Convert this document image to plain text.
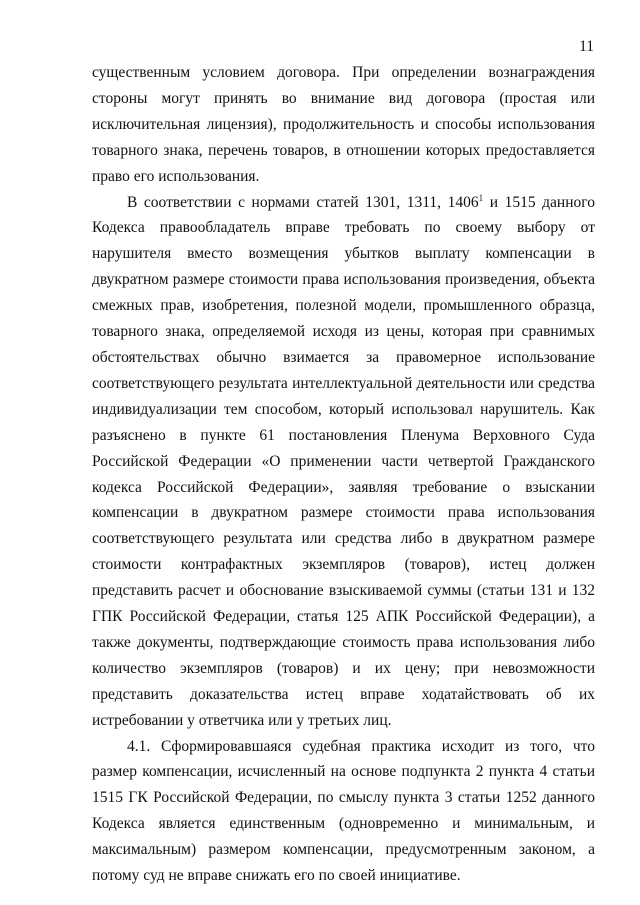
11

существенным условием договора. При определении вознаграждения стороны могут принять во внимание вид договора (простая или исключительная лицензия), продолжительность и способы использования товарного знака, перечень товаров, в отношении которых предоставляется право его использования.

В соответствии с нормами статей 1301, 1311, 1406$^1$ и 1515 данного Кодекса правообладатель вправе требовать по своему выбору от нарушителя вместо возмещения убытков выплату компенсации в двукратном размере стоимости права использования произведения, объекта смежных прав, изобретения, полезной модели, промышленного образца, товарного знака, определяемой исходя из цены, которая при сравнимых обстоятельствах обычно взимается за правомерное использование соответствующего результата интеллектуальной деятельности или средства индивидуализации тем способом, который использовал нарушитель. Как разъяснено в пункте 61 постановления Пленума Верховного Суда Российской Федерации «О применении части четвертой Гражданского кодекса Российской Федерации», заявляя требование о взыскании компенсации в двукратном размере стоимости права использования соответствующего результата или средства либо в двукратном размере стоимости контрафактных экземпляров (товаров), истец должен представить расчет и обоснование взыскиваемой суммы (статьи 131 и 132 ГПК Российской Федерации, статья 125 АПК Российской Федерации), а также документы, подтверждающие стоимость права использования либо количество экземпляров (товаров) и их цену; при невозможности представить доказательства истец вправе ходатайствовать об их истребовании у ответчика или у третьих лиц.

4.1. Сформировавшаяся судебная практика исходит из того, что размер компенсации, исчисленный на основе подпункта 2 пункта 4 статьи 1515 ГК Российской Федерации, по смыслу пункта 3 статьи 1252 данного Кодекса является единственным (одновременно и минимальным, и максимальным) размером компенсации, предусмотренным законом, а потому суд не вправе снижать его по своей инициативе.
